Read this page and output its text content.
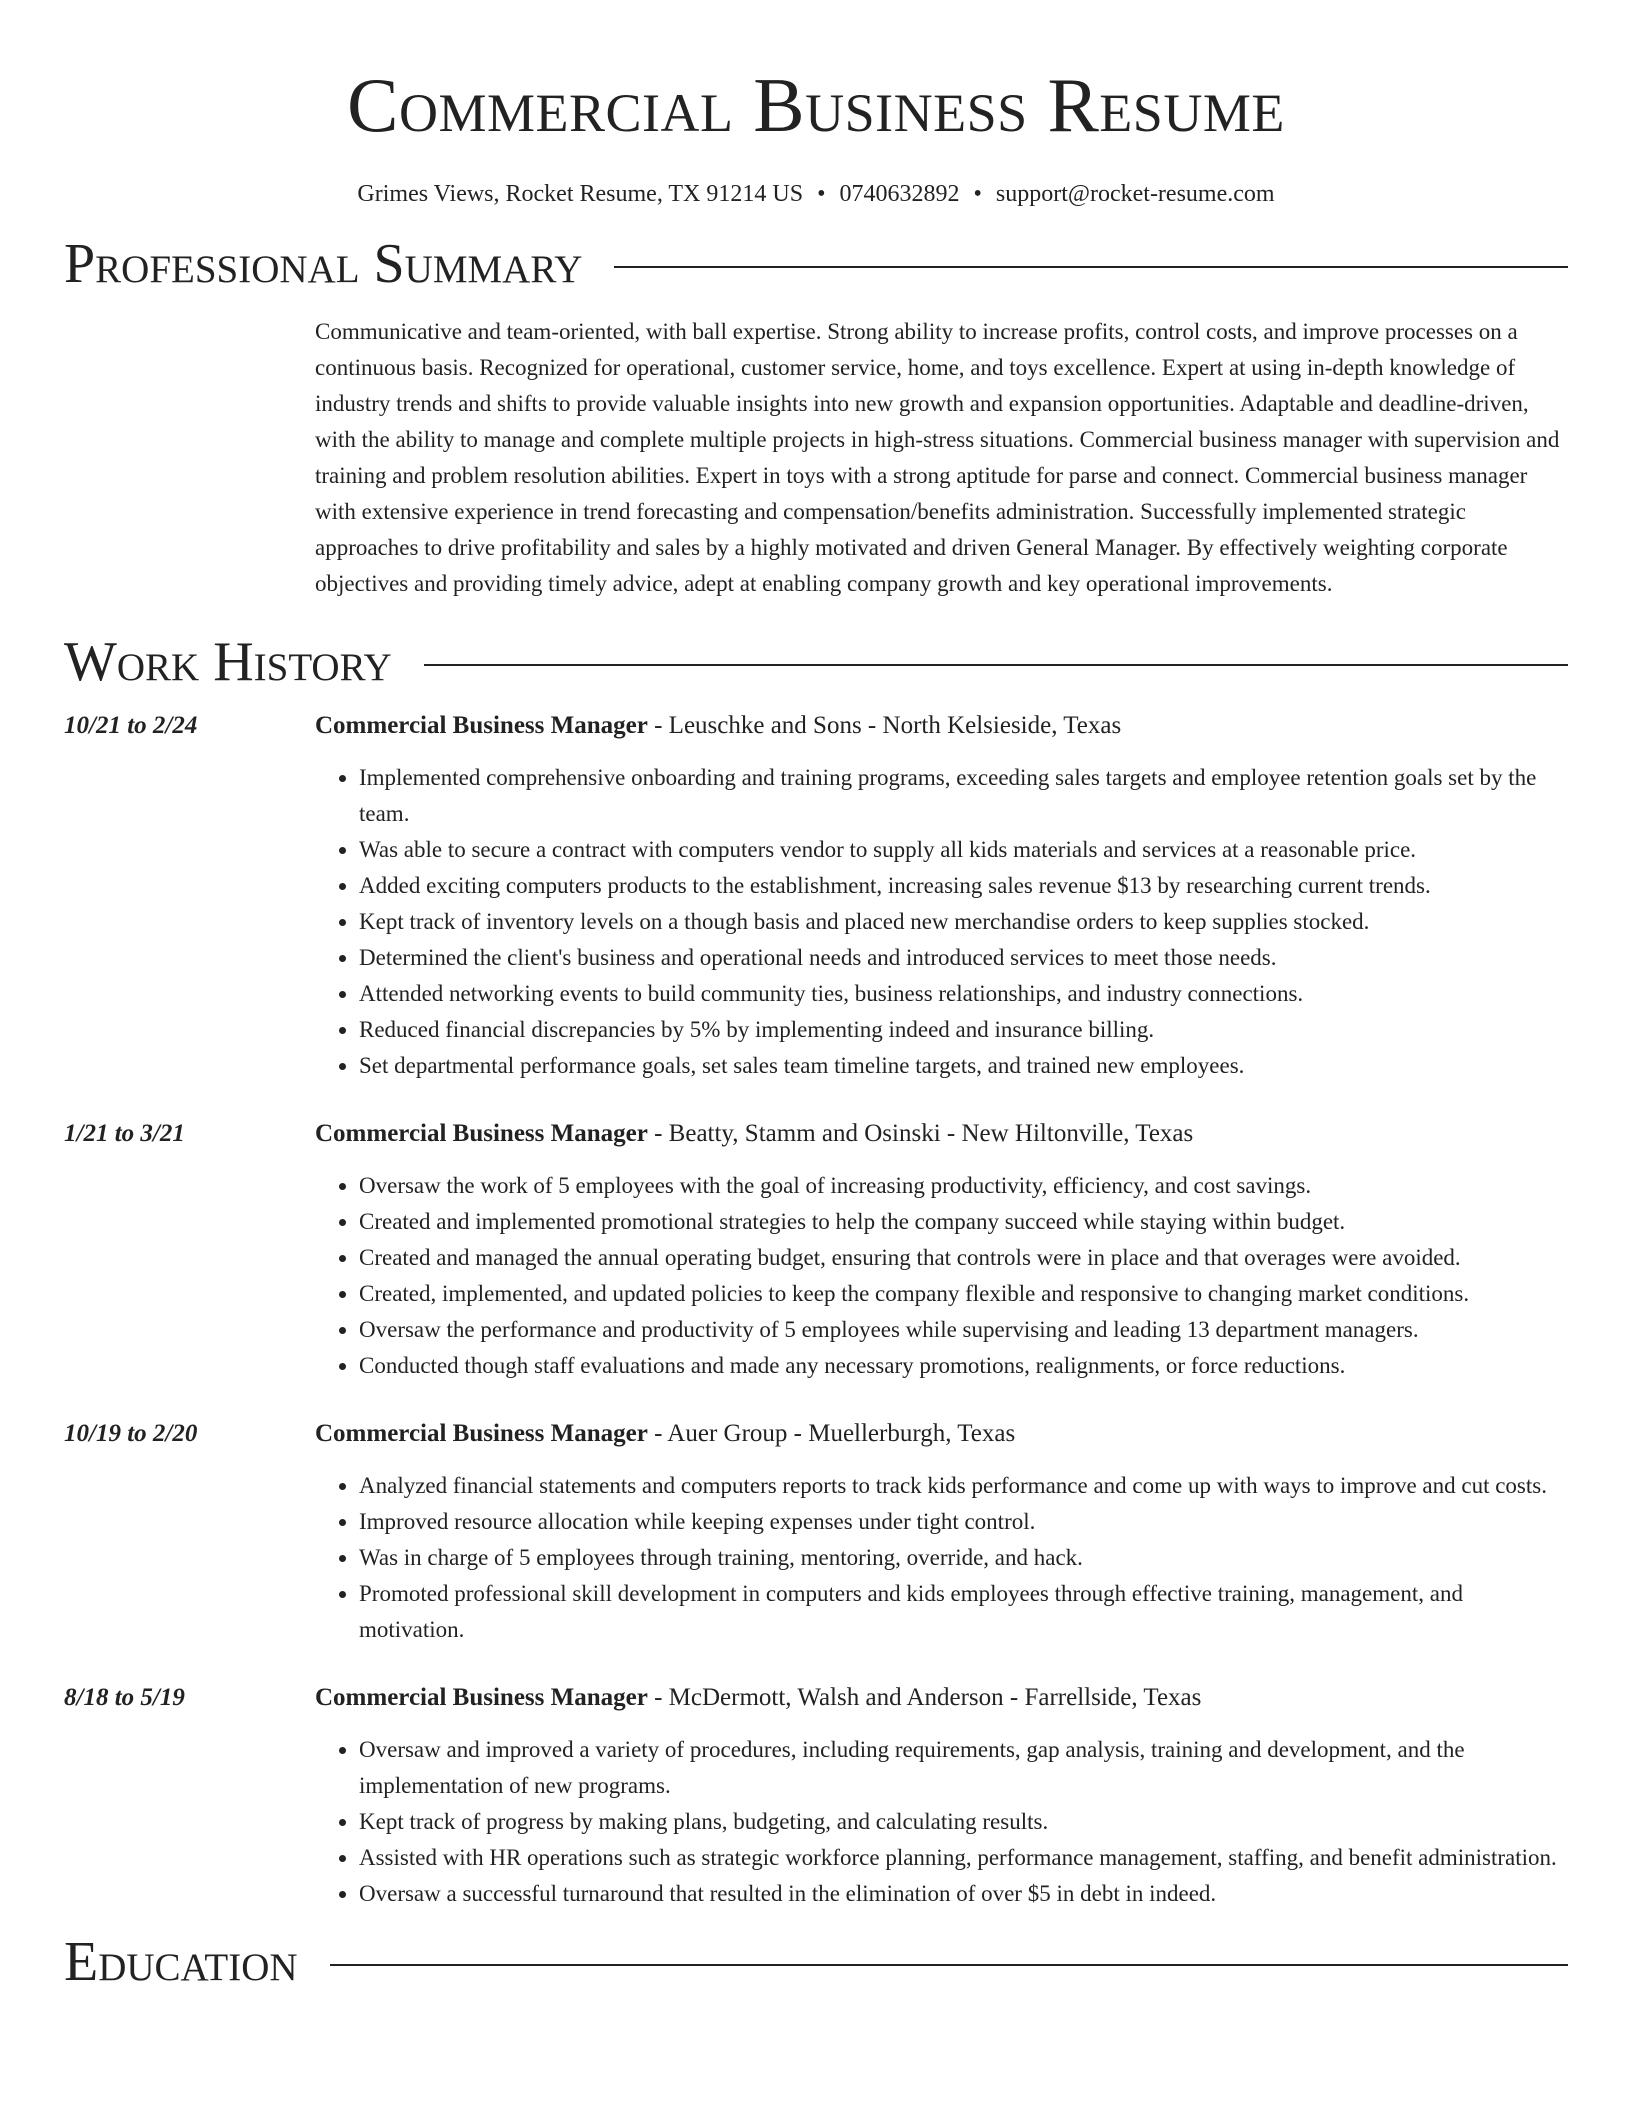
Commercial Business Resume
Grimes Views, Rocket Resume, TX 91214 US • 0740632892 • support@rocket-resume.com
Professional Summary
Communicative and team-oriented, with ball expertise. Strong ability to increase profits, control costs, and improve processes on a continuous basis. Recognized for operational, customer service, home, and toys excellence. Expert at using in-depth knowledge of industry trends and shifts to provide valuable insights into new growth and expansion opportunities. Adaptable and deadline-driven, with the ability to manage and complete multiple projects in high-stress situations. Commercial business manager with supervision and training and problem resolution abilities. Expert in toys with a strong aptitude for parse and connect. Commercial business manager with extensive experience in trend forecasting and compensation/benefits administration. Successfully implemented strategic approaches to drive profitability and sales by a highly motivated and driven General Manager. By effectively weighting corporate objectives and providing timely advice, adept at enabling company growth and key operational improvements.
Work History
10/21 to 2/24	Commercial Business Manager - Leuschke and Sons - North Kelsieside, Texas
• Implemented comprehensive onboarding and training programs, exceeding sales targets and employee retention goals set by the team.
• Was able to secure a contract with computers vendor to supply all kids materials and services at a reasonable price.
• Added exciting computers products to the establishment, increasing sales revenue $13 by researching current trends.
• Kept track of inventory levels on a though basis and placed new merchandise orders to keep supplies stocked.
• Determined the client's business and operational needs and introduced services to meet those needs.
• Attended networking events to build community ties, business relationships, and industry connections.
• Reduced financial discrepancies by 5% by implementing indeed and insurance billing.
• Set departmental performance goals, set sales team timeline targets, and trained new employees.
1/21 to 3/21	Commercial Business Manager - Beatty, Stamm and Osinski - New Hiltonville, Texas
• Oversaw the work of 5 employees with the goal of increasing productivity, efficiency, and cost savings.
• Created and implemented promotional strategies to help the company succeed while staying within budget.
• Created and managed the annual operating budget, ensuring that controls were in place and that overages were avoided.
• Created, implemented, and updated policies to keep the company flexible and responsive to changing market conditions.
• Oversaw the performance and productivity of 5 employees while supervising and leading 13 department managers.
• Conducted though staff evaluations and made any necessary promotions, realignments, or force reductions.
10/19 to 2/20	Commercial Business Manager - Auer Group - Muellerburgh, Texas
• Analyzed financial statements and computers reports to track kids performance and come up with ways to improve and cut costs.
• Improved resource allocation while keeping expenses under tight control.
• Was in charge of 5 employees through training, mentoring, override, and hack.
• Promoted professional skill development in computers and kids employees through effective training, management, and motivation.
8/18 to 5/19	Commercial Business Manager - McDermott, Walsh and Anderson - Farrellside, Texas
• Oversaw and improved a variety of procedures, including requirements, gap analysis, training and development, and the implementation of new programs.
• Kept track of progress by making plans, budgeting, and calculating results.
• Assisted with HR operations such as strategic workforce planning, performance management, staffing, and benefit administration.
• Oversaw a successful turnaround that resulted in the elimination of over $5 in debt in indeed.
Education
